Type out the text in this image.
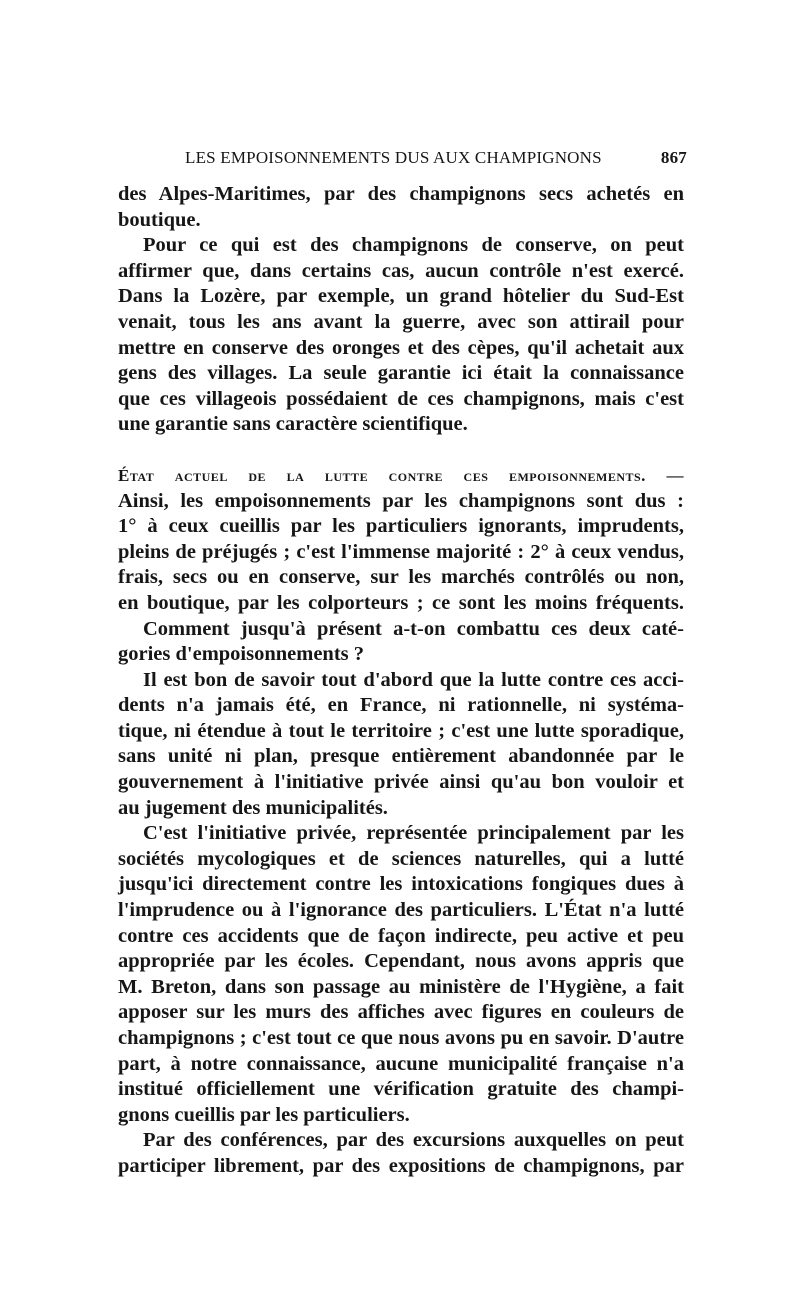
LES EMPOISONNEMENTS DUS AUX CHAMPIGNONS	867
des Alpes-Maritimes, par des champignons secs achetés en
boutique.
Pour ce qui est des champignons de conserve, on peut
affirmer que, dans certains cas, aucun contrôle n'est exercé.
Dans la Lozère, par exemple, un grand hôtelier du Sud-Est
venait, tous les ans avant la guerre, avec son attirail pour
mettre en conserve des oronges et des cèpes, qu'il achetait aux
gens des villages. La seule garantie ici était la connaissance
que ces villageois possédaient de ces champignons, mais c'est
une garantie sans caractère scientifique.
État actuel de la lutte contre ces empoisonnements. —
Ainsi, les empoisonnements par les champignons sont dus :
1° à ceux cueillis par les particuliers ignorants, imprudents,
pleins de préjugés ; c'est l'immense majorité : 2° à ceux vendus,
frais, secs ou en conserve, sur les marchés contrôlés ou non,
en boutique, par les colporteurs ; ce sont les moins fréquents.
Comment jusqu'à présent a-t-on combattu ces deux caté-
gories d'empoisonnements ?
Il est bon de savoir tout d'abord que la lutte contre ces acci-
dents n'a jamais été, en France, ni rationnelle, ni systéma-
tique, ni étendue à tout le territoire ; c'est une lutte sporadique,
sans unité ni plan, presque entièrement abandonnée par le
gouvernement à l'initiative privée ainsi qu'au bon vouloir et
au jugement des municipalités.
C'est l'initiative privée, représentée principalement par les
sociétés mycologiques et de sciences naturelles, qui a lutté
jusqu'ici directement contre les intoxications fongiques dues à
l'imprudence ou à l'ignorance des particuliers. L'État n'a lutté
contre ces accidents que de façon indirecte, peu active et peu
appropriée par les écoles. Cependant, nous avons appris que
M. Breton, dans son passage au ministère de l'Hygiène, a fait
apposer sur les murs des affiches avec figures en couleurs de
champignons ; c'est tout ce que nous avons pu en savoir. D'autre
part, à notre connaissance, aucune municipalité française n'a
institué officiellement une vérification gratuite des champi-
gnons cueillis par les particuliers.
Par des conférences, par des excursions auxquelles on peut
participer librement, par des expositions de champignons, par
